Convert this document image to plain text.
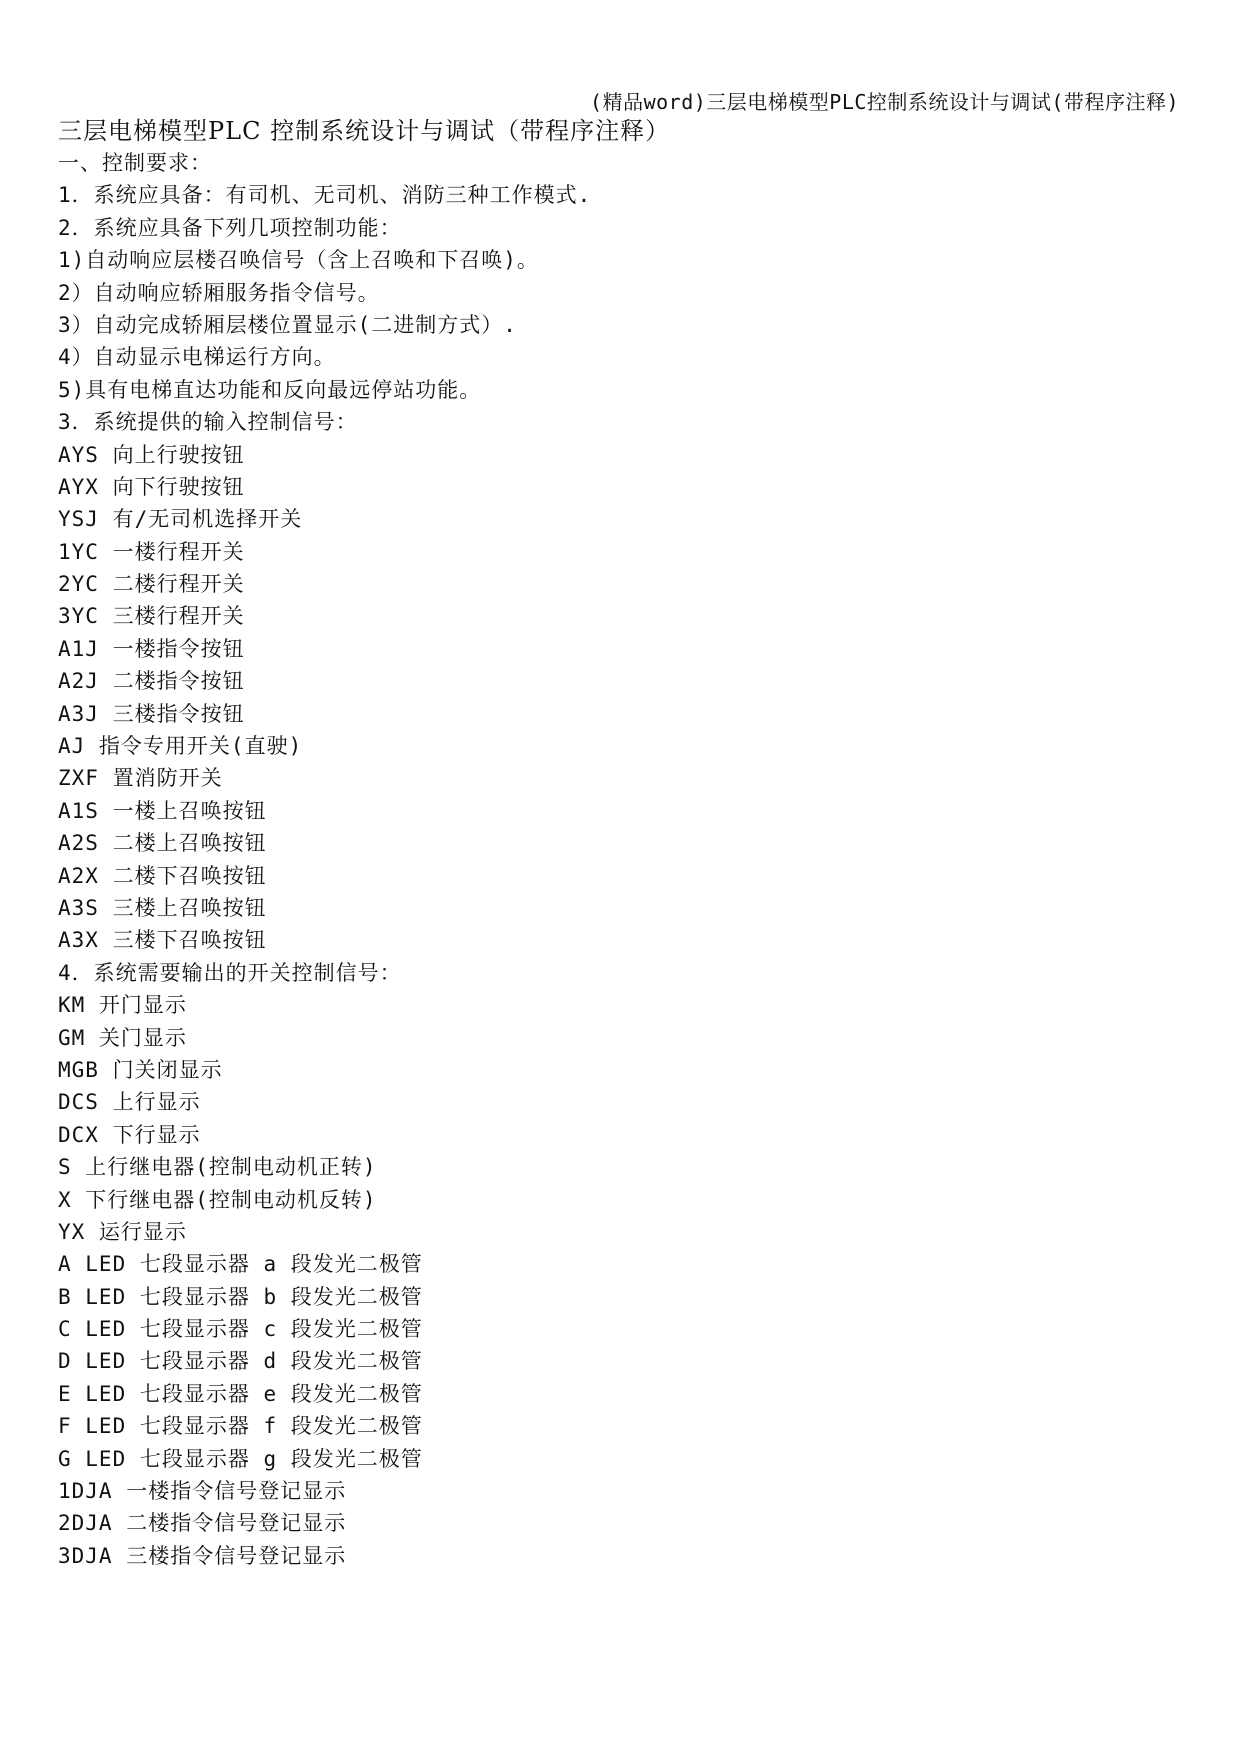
(精品word)三层电梯模型PLC控制系统设计与调试(带程序注释)
三层电梯模型PLC 控制系统设计与调试（带程序注释）
一、控制要求：
1．系统应具备：有司机、无司机、消防三种工作模式.
2．系统应具备下列几项控制功能：
1)自动响应层楼召唤信号（含上召唤和下召唤)。
2）自动响应轿厢服务指令信号。
3）自动完成轿厢层楼位置显示(二进制方式）.
4）自动显示电梯运行方向。
5)具有电梯直达功能和反向最远停站功能。
3．系统提供的输入控制信号：
AYS 向上行驶按钮
AYX 向下行驶按钮
YSJ 有/无司机选择开关
1YC 一楼行程开关
2YC 二楼行程开关
3YC 三楼行程开关
A1J 一楼指令按钮
A2J 二楼指令按钮
A3J 三楼指令按钮
AJ 指令专用开关(直驶)
ZXF 置消防开关
A1S 一楼上召唤按钮
A2S 二楼上召唤按钮
A2X 二楼下召唤按钮
A3S 三楼上召唤按钮
A3X 三楼下召唤按钮
4．系统需要输出的开关控制信号：
KM 开门显示
GM 关门显示
MGB 门关闭显示
DCS 上行显示
DCX 下行显示
S 上行继电器(控制电动机正转)
X 下行继电器(控制电动机反转)
YX 运行显示
A LED 七段显示器 a 段发光二极管
B LED 七段显示器 b 段发光二极管
C LED 七段显示器 c 段发光二极管
D LED 七段显示器 d 段发光二极管
E LED 七段显示器 e 段发光二极管
F LED 七段显示器 f 段发光二极管
G LED 七段显示器 g 段发光二极管
1DJA 一楼指令信号登记显示
2DJA 二楼指令信号登记显示
3DJA 三楼指令信号登记显示
